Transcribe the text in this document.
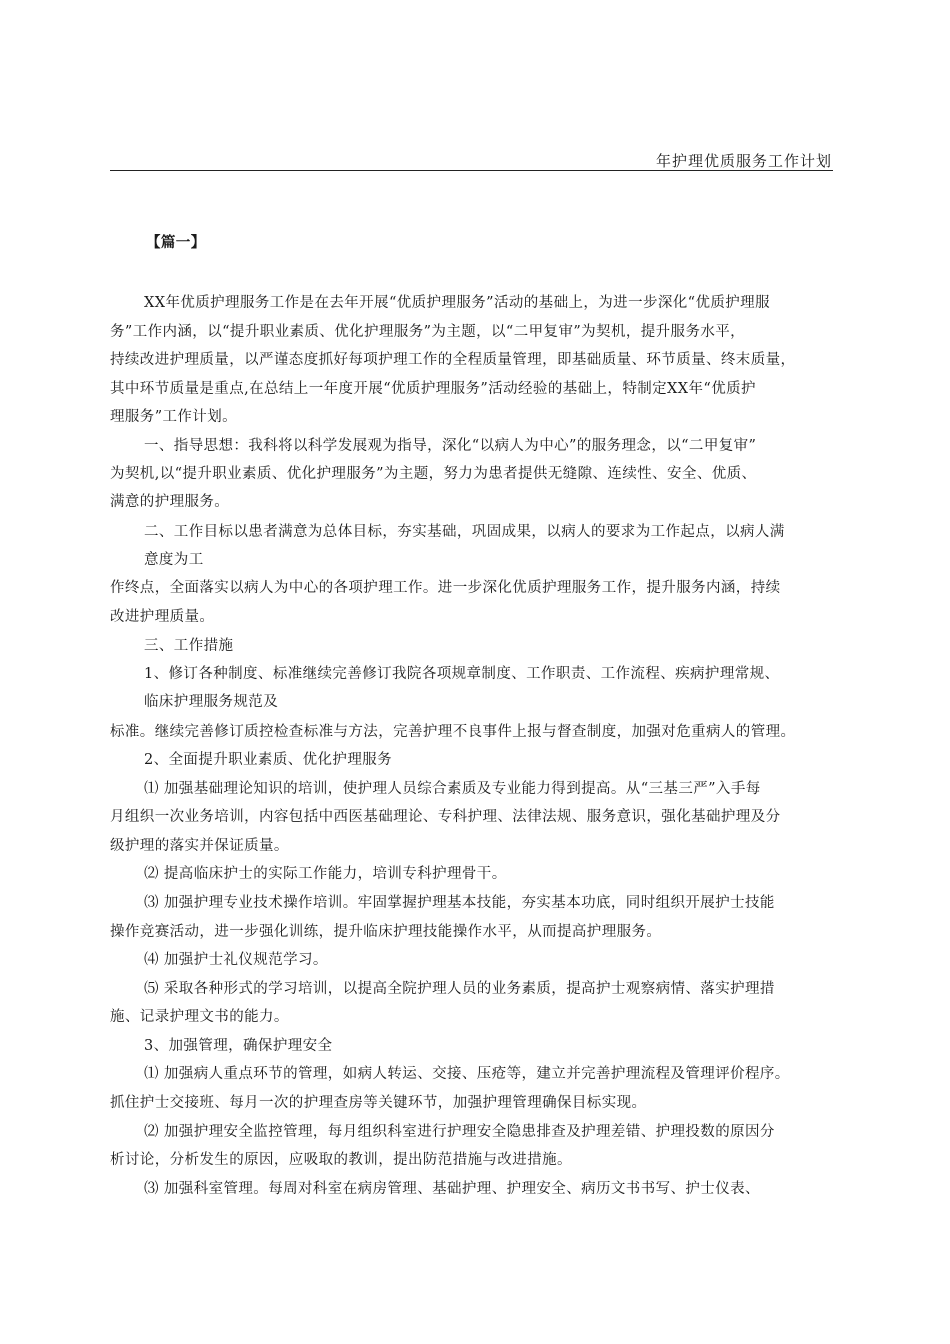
年护理优质服务工作计划
【篇一】
XX年优质护理服务工作是在去年开展“优质护理服务”活动的基础上，为进一步深化“优质护理服
务”工作内涵，以“提升职业素质、优化护理服务”为主题，以“二甲复审”为契机，提升服务水平，
持续改进护理质量，以严谨态度抓好每项护理工作的全程质量管理，即基础质量、环节质量、终末质量，
其中环节质量是重点,在总结上一年度开展“优质护理服务”活动经验的基础上，特制定XX年“优质护
理服务”工作计划。
一、指导思想：我科将以科学发展观为指导，深化“以病人为中心”的服务理念，以“二甲复审”
为契机,以“提升职业素质、优化护理服务”为主题，努力为患者提供无缝隙、连续性、安全、优质、
满意的护理服务。
二、工作目标以患者满意为总体目标，夯实基础，巩固成果，以病人的要求为工作起点，以病人满
意度为工
作终点，全面落实以病人为中心的各项护理工作。进一步深化优质护理服务工作，提升服务内涵，持续
改进护理质量。
三、工作措施
1、修订各种制度、标准继续完善修订我院各项规章制度、工作职责、工作流程、疾病护理常规、
临床护理服务规范及
标准。继续完善修订质控检查标准与方法，完善护理不良事件上报与督查制度，加强对危重病人的管理。
2、全面提升职业素质、优化护理服务
⑴ 加强基础理论知识的培训，使护理人员综合素质及专业能力得到提高。从“三基三严”入手每
月组织一次业务培训，内容包括中西医基础理论、专科护理、法律法规、服务意识，强化基础护理及分
级护理的落实并保证质量。
⑵ 提高临床护士的实际工作能力，培训专科护理骨干。
⑶ 加强护理专业技术操作培训。牢固掌握护理基本技能，夯实基本功底，同时组织开展护士技能
操作竞赛活动，进一步强化训练，提升临床护理技能操作水平，从而提高护理服务。
⑷ 加强护士礼仪规范学习。
⑸ 采取各种形式的学习培训，以提高全院护理人员的业务素质，提高护士观察病情、落实护理措
施、记录护理文书的能力。
3、加强管理，确保护理安全
⑴ 加强病人重点环节的管理，如病人转运、交接、压疮等，建立并完善护理流程及管理评价程序。
抓住护士交接班、每月一次的护理查房等关键环节，加强护理管理确保目标实现。
⑵ 加强护理安全监控管理，每月组织科室进行护理安全隐患排查及护理差错、护理投数的原因分
析讨论，分析发生的原因，应吸取的教训，提出防范措施与改进措施。
⑶ 加强科室管理。每周对科室在病房管理、基础护理、护理安全、病历文书书写、护士仪表、
